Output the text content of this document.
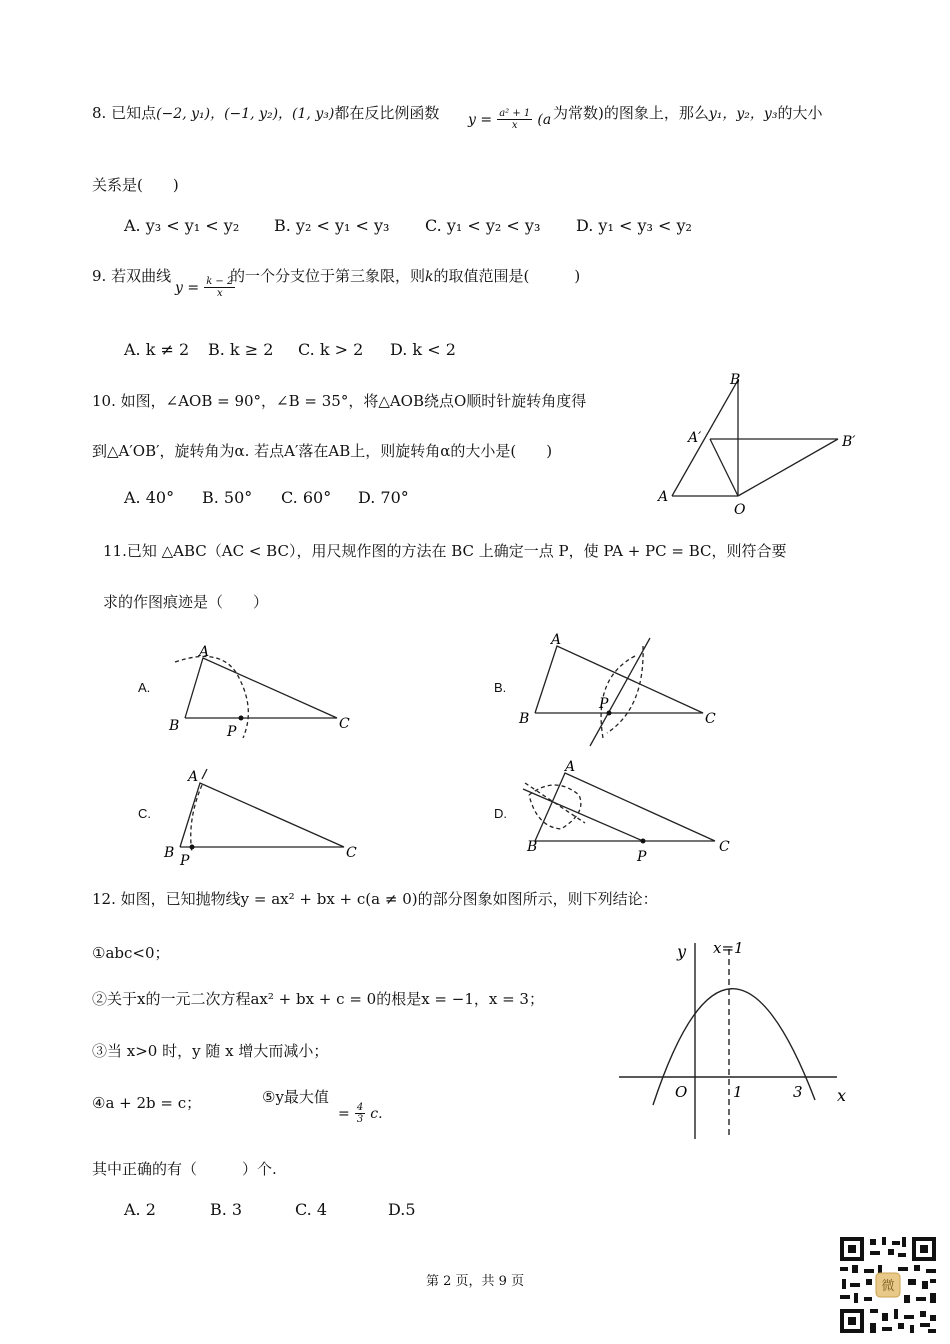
8. 已知点(−2, y₁)，(−1, y₂)，(1, y₃)都在反比例函数 $y = \frac{\text{a² + 1}}{x} (a$ 为常数)的图象上，那么y₁，y₂，y₃的大小
关系是(　　)
A. y₃ < y₁ < y₂ B. y₂ < y₁ < y₃ C. y₁ < y₂ < y₃ D. y₁ < y₃ < y₂
9. 若双曲线
$y = \frac{k - 2}{x}$
的一个分支位于第三象限，则k的取值范围是(　　　)
A. k ≠ 2 B. k ≥ 2 C. k > 2 D. k < 2
10. 如图，∠AOB = 90°，∠B = 35°，将△AOB绕点O顺时针旋转角度得
到△A′OB′，旋转角为α. 若点A′落在AB上，则旋转角α的大小是(　　)
A. 40° B. 50° C. 60° D. 70°
B
A′	B′
A
O
11.已知 △ABC（AC < BC），用尺规作图的方法在 BC 上确定一点 P，使 PA + PC = BC，则符合要
求的作图痕迹是（　　）
A.	B.
C.	D.
A
B	C
P
A
B	C
P
A
B	C
P
A
B	C
P
12. 如图，已知抛物线y = ax² + bx + c(a ≠ 0)的部分图象如图所示，则下列结论：
①abc<0；
②关于x的一元二次方程ax² + bx + c = 0的根是x = −1，x = 3；
③当 x>0 时，y 随 x 增大而减小；
④a + 2b = c；	⑤y最大值
= $\frac{4}{3} c$.
其中正确的有（　　　）个.
A. 2	B. 3	C. 4	D.5
y
x
O	1	3
x=1
第 2 页，共 9 页	微
